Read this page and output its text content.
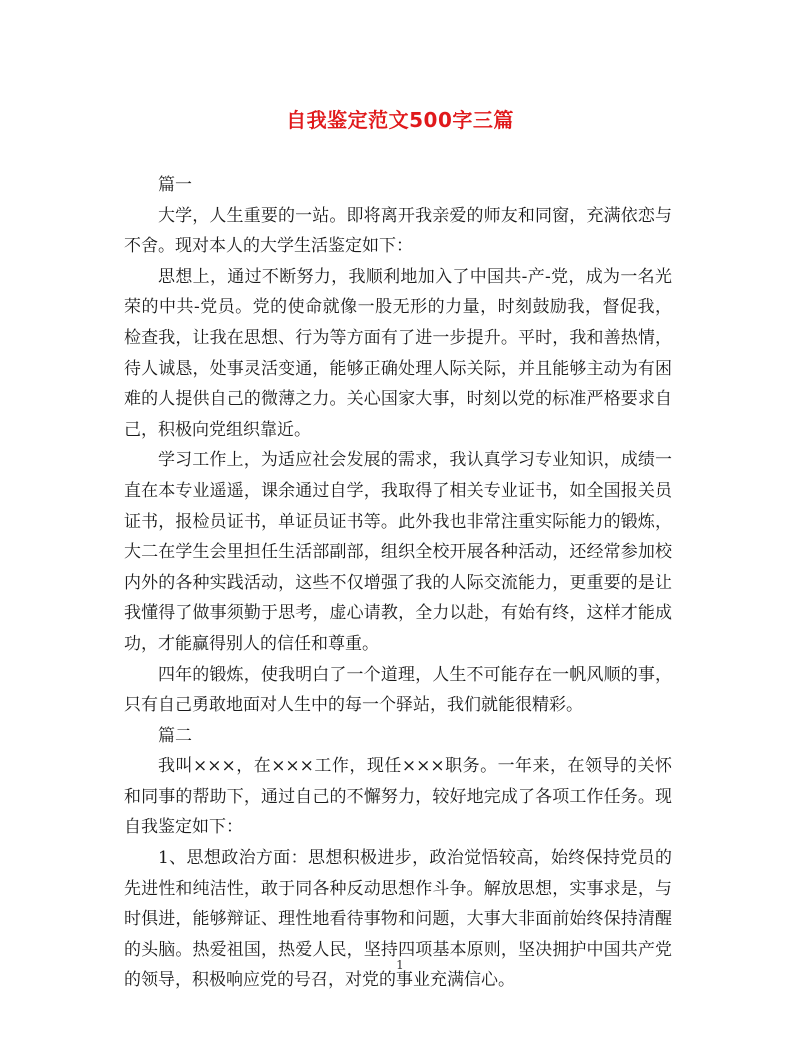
自我鉴定范文500字三篇

篇一

大学，人生重要的一站。即将离开我亲爱的师友和同窗，充满依恋与不舍。现对本人的大学生活鉴定如下：

思想上，通过不断努力，我顺利地加入了中国共-产-党，成为一名光荣的中共-党员。党的使命就像一股无形的力量，时刻鼓励我，督促我，检查我，让我在思想、行为等方面有了进一步提升。平时，我和善热情，待人诚恳，处事灵活变通，能够正确处理人际关际，并且能够主动为有困难的人提供自己的微薄之力。关心国家大事，时刻以党的标准严格要求自己，积极向党组织靠近。

学习工作上，为适应社会发展的需求，我认真学习专业知识，成绩一直在本专业遥遥，课余通过自学，我取得了相关专业证书，如全国报关员证书，报检员证书，单证员证书等。此外我也非常注重实际能力的锻炼，大二在学生会里担任生活部副部，组织全校开展各种活动，还经常参加校内外的各种实践活动，这些不仅增强了我的人际交流能力，更重要的是让我懂得了做事须勤于思考，虚心请教，全力以赴，有始有终，这样才能成功，才能赢得别人的信任和尊重。

四年的锻炼，使我明白了一个道理，人生不可能存在一帆风顺的事，只有自己勇敢地面对人生中的每一个驿站，我们就能很精彩。

篇二

我叫×××，在×××工作，现任×××职务。一年来，在领导的关怀和同事的帮助下，通过自己的不懈努力，较好地完成了各项工作任务。现自我鉴定如下：

1、思想政治方面：思想积极进步，政治觉悟较高，始终保持党员的先进性和纯洁性，敢于同各种反动思想作斗争。解放思想，实事求是，与时俱进，能够辩证、理性地看待事物和问题，大事大非面前始终保持清醒的头脑。热爱祖国，热爱人民，坚持四项基本原则，坚决拥护中国共产党的领导，积极响应党的号召，对党的事业充满信心。

1
